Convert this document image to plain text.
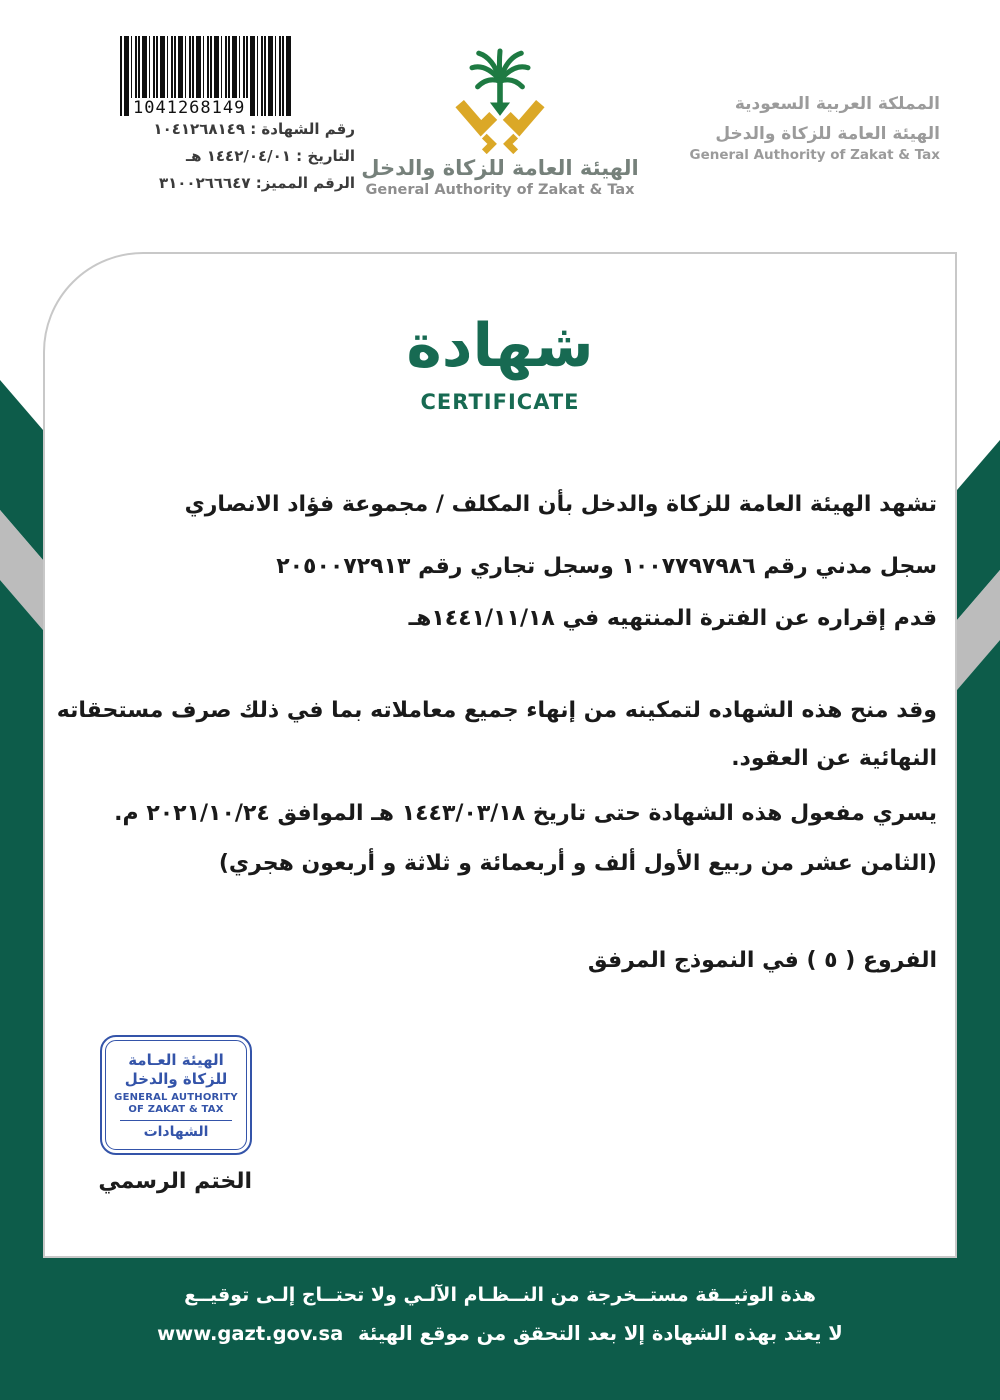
1041268149
رقم الشهادة : ١٠٤١٢٦٨١٤٩
التاريخ : ١٤٤٢/٠٤/٠١ هـ
الرقم المميز: ٣١٠٠٢٦٦٦٤٧
الهيئة العامة للزكاة والدخل
General Authority of Zakat & Tax
المملكة العربية السعودية
الهيئة العامة للزكاة والدخل
General Authority of Zakat & Tax
شهادة
CERTIFICATE
تشهد الهيئة العامة للزكاة والدخل بأن المكلف / مجموعة فؤاد الانصاري
سجل مدني رقم ١٠٠٧٧٩٧٩٨٦ وسجل تجاري رقم ٢٠٥٠٠٧٢٩١٣
قدم إقراره عن الفترة المنتهيه في ١٤٤١/١١/١٨هـ
وقد منح هذه الشهاده لتمكينه من إنهاء جميع معاملاته بما في ذلك صرف مستحقاته
النهائية عن العقود.
يسري مفعول هذه الشهادة حتى تاريخ ١٤٤٣/٠٣/١٨ هـ الموافق ٢٠٢١/١٠/٢٤ م.
(الثامن عشر من ربيع الأول ألف و أربعمائة و ثلاثة و أربعون هجري)
الفروع ( ٥ ) في النموذج المرفق
الهيئة العـامة
للزكاة والدخل
GENERAL AUTHORITY
OF ZAKAT & TAX
الشهادات
الختم الرسمي
هذة الوثيــقة مستــخرجة من النــظـام الآلـي ولا تحتــاج إلـى توقيــع
لا يعتد بهذه الشهادة إلا بعد التحقق من موقع الهيئة www.gazt.gov.sa
